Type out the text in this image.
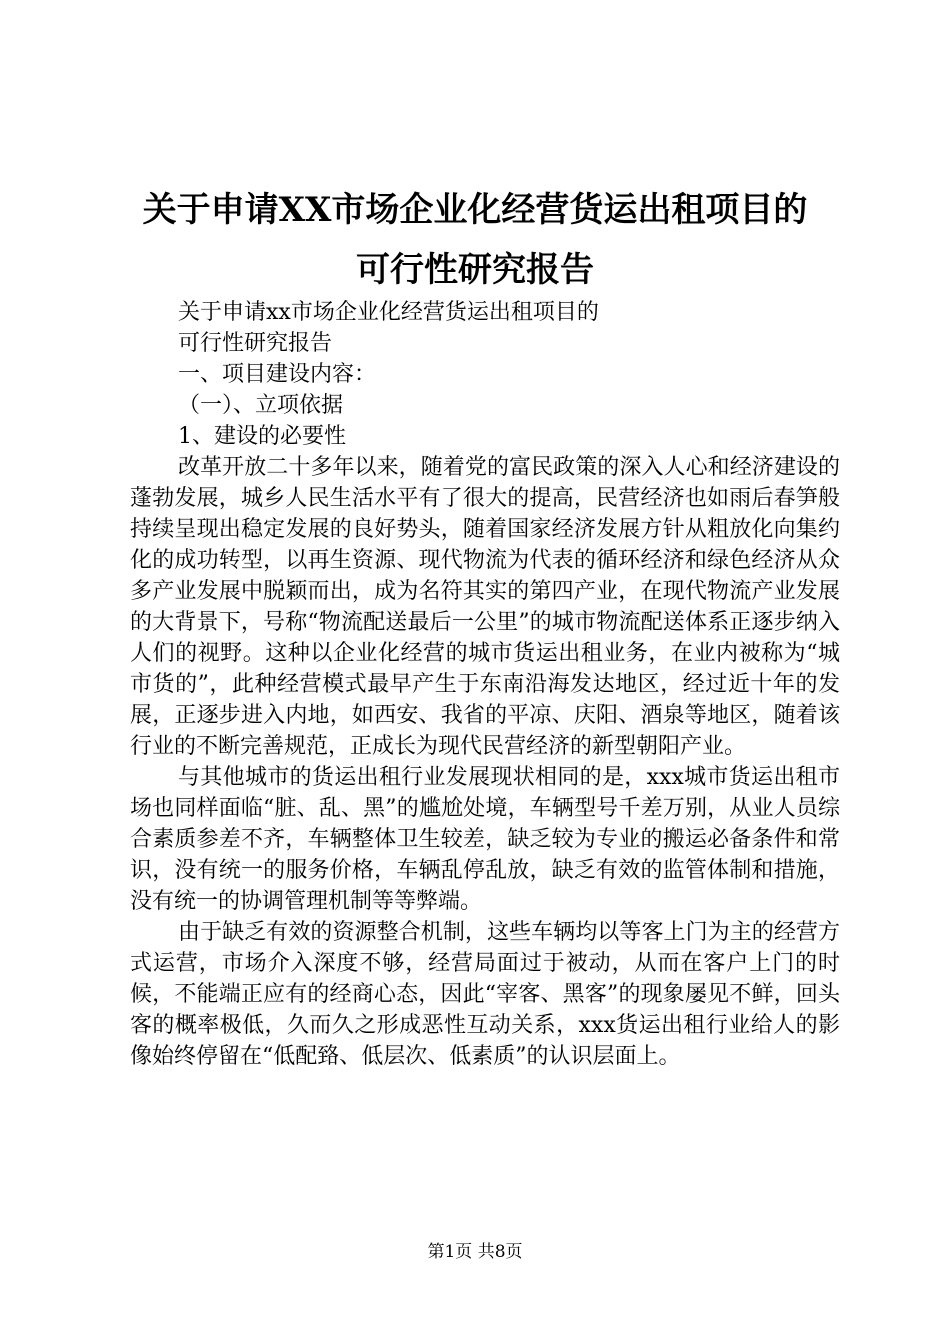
关于申请XX市场企业化经营货运出租项目的
可行性研究报告

关于申请xx市场企业化经营货运出租项目的

可行性研究报告

一、项目建设内容：

（一）、立项依据

1、建设的必要性

改革开放二十多年以来，随着党的富民政策的深入人心和经济建设的蓬勃发展，城乡人民生活水平有了很大的提高，民营经济也如雨后春笋般持续呈现出稳定发展的良好势头，随着国家经济发展方针从粗放化向集约化的成功转型，以再生资源、现代物流为代表的循环经济和绿色经济从众多产业发展中脱颖而出，成为名符其实的第四产业，在现代物流产业发展的大背景下，号称“物流配送最后一公里”的城市物流配送体系正逐步纳入人们的视野。这种以企业化经营的城市货运出租业务，在业内被称为“城市货的”，此种经营模式最早产生于东南沿海发达地区，经过近十年的发展，正逐步进入内地，如西安、我省的平凉、庆阳、酒泉等地区，随着该行业的不断完善规范，正成长为现代民营经济的新型朝阳产业。

与其他城市的货运出租行业发展现状相同的是，xxx城市货运出租市场也同样面临“脏、乱、黑”的尴尬处境，车辆型号千差万别，从业人员综合素质参差不齐，车辆整体卫生较差，缺乏较为专业的搬运必备条件和常识，没有统一的服务价格，车辆乱停乱放，缺乏有效的监管体制和措施，没有统一的协调管理机制等等弊端。

由于缺乏有效的资源整合机制，这些车辆均以等客上门为主的经营方式运营，市场介入深度不够，经营局面过于被动，从而在客户上门的时候，不能端正应有的经商心态，因此“宰客、黑客”的现象屡见不鲜，回头客的概率极低，久而久之形成恶性互动关系，xxx货运出租行业给人的影像始终停留在“低配臵、低层次、低素质”的认识层面上。

第1页 共8页
